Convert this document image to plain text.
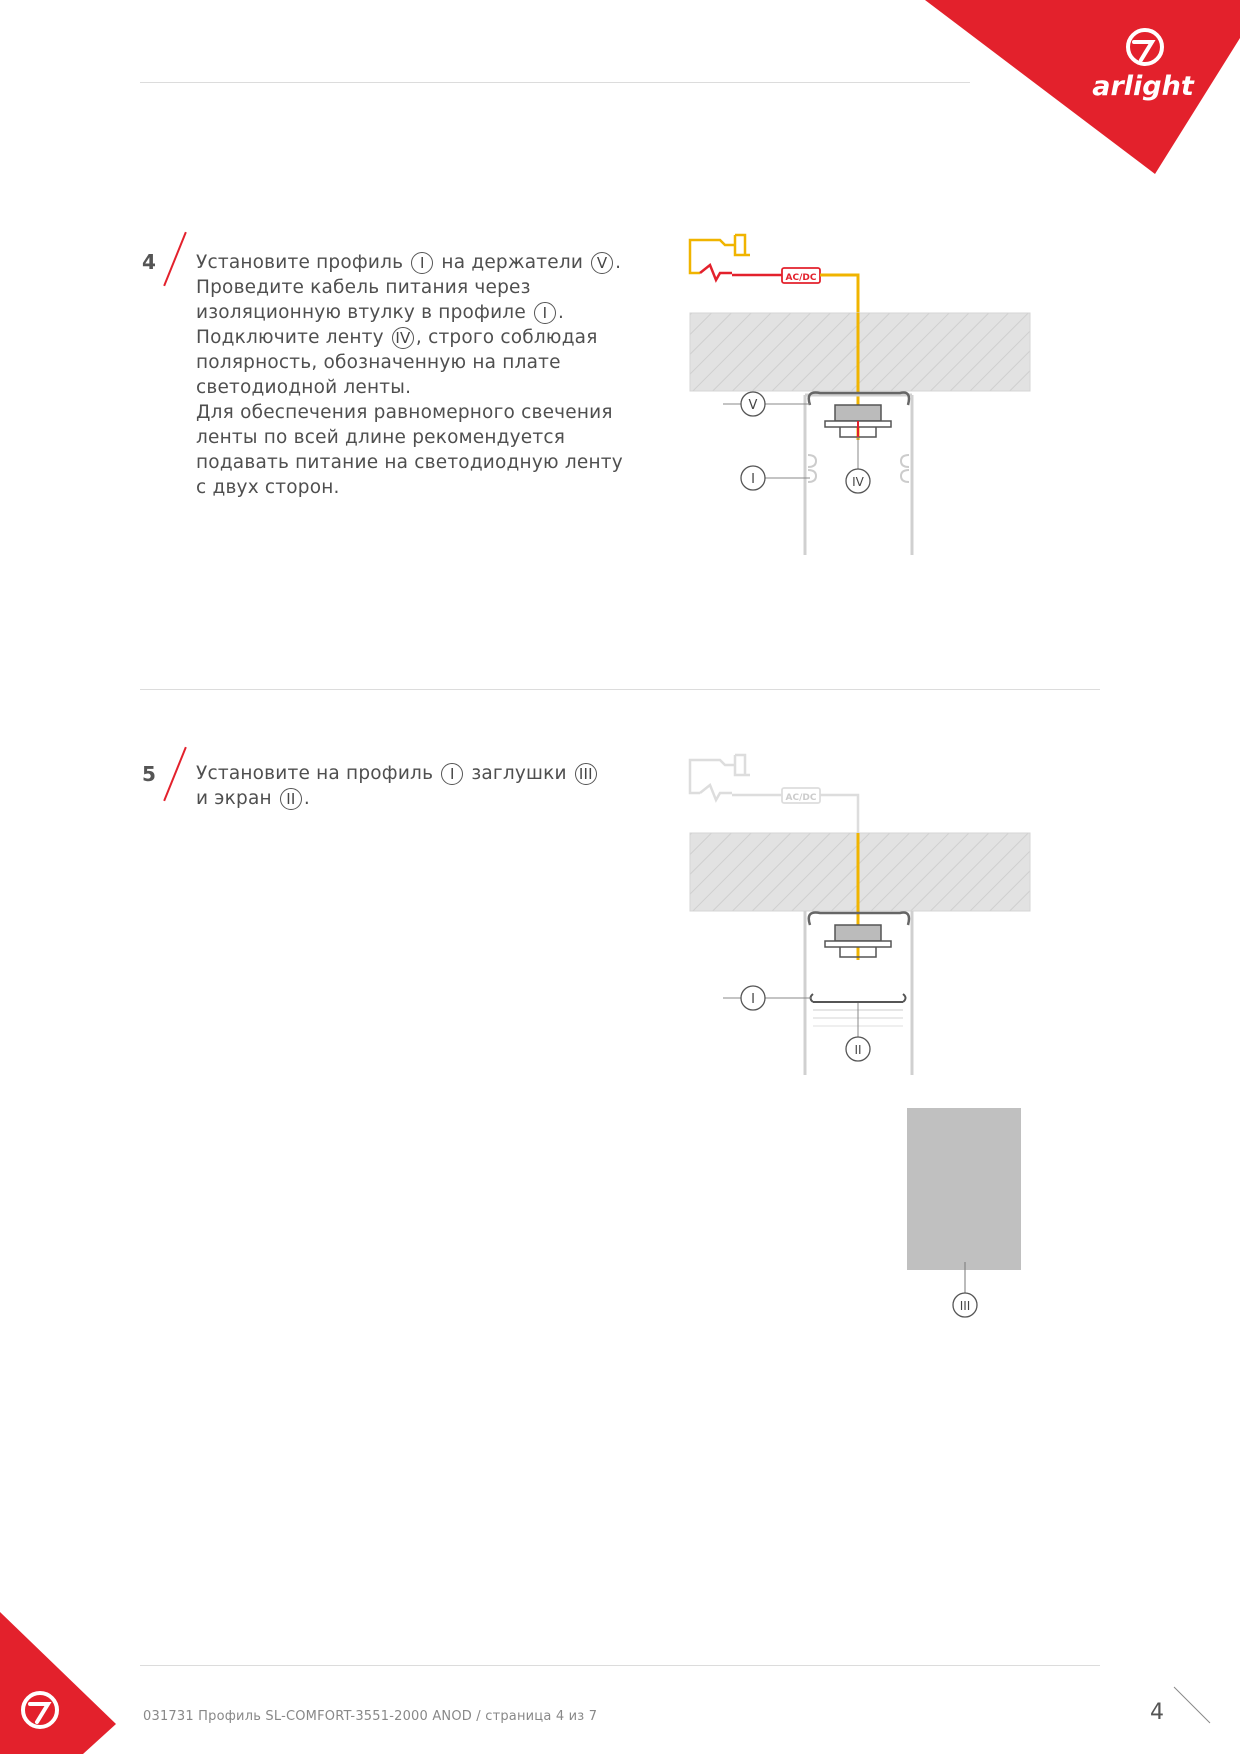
arlight
4 Установите профиль I на держатели V .
Проведите кабель питания через
изоляционную втулку в профиле I .
Подключите ленту IV , строго соблюдая
полярность, обозначенную на плате
светодиодной ленты.
Для обеспечения равномерного свечения
ленты по всей длине рекомендуется
подавать питание на светодиодную ленту
с двух сторон.
AC/DC
V
I	IV
5 Установите на профиль I заглушки III
и экран II .	AC/DC
I
II
III
031731 Профиль SL-COMFORT-3551-2000 ANOD / страница 4 из 7	4
